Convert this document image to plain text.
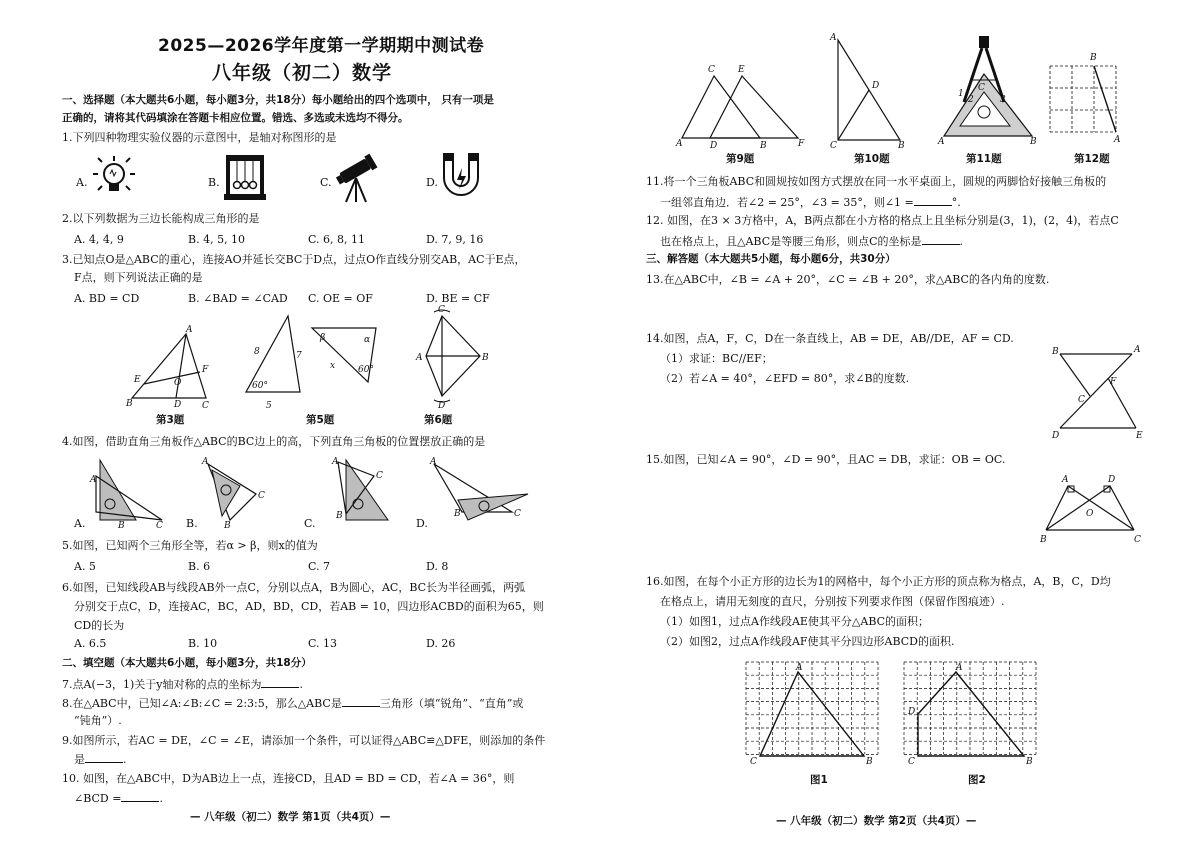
2025—2026学年度第一学期期中测试卷
八年级（初二）数学
一、选择题（本大题共6小题，每小题3分，共18分）每小题给出的四个选项中， 只有一项是
正确的，请将其代码填涂在答题卡相应位置。错选、多选或未选均不得分。
1.下列四种物理实验仪器的示意图中，是轴对称图形的是
A.	B.	C.	D.
2.以下列数据为三边长能构成三角形的是
A. 4, 4, 9	B. 4, 5, 10	C. 6, 8, 11	D. 7, 9, 16
3.已知点O是△ABC的重心，连接AO并延长交BC于D点，过点O作直线分别交AB，AC于E点，
F点，则下列说法正确的是
A. BD = CD	B. ∠BAD = ∠CAD C. OE = OF	D. BE = CF
A
B	C
D
E
F
O
第3题
8	7
5
60°
β	α
x	60°
第5题
C
A	B
D
第6题
4.如图，借助直角三角板作△ABC的BC边上的高，下列直角三角板的位置摆放正确的是
A.
A
B	C B.
A
B
C
C.
A
B
C
D.
A
B	C
5.如图，已知两个三角形全等，若α > β，则x的值为
A. 5	B. 6	C. 7	D. 8
6.如图，已知线段AB与线段AB外一点C，分别以点A，B为圆心，AC，BC长为半径画弧，两弧
分别交于点C，D，连接AC，BC，AD，BD，CD，若AB = 10，四边形ACBD的面积为65，则
CD的长为
A. 6.5	B. 10	C. 13	D. 26
二、填空题（本大题共6小题，每小题3分，共18分）
7.点A(−3，1)关于y轴对称的点的坐标为	.
8.在△ABC中，已知∠A:∠B:∠C = 2:3:5，那么△ABC是	三角形（填“锐角”、“直角”或
“钝角”）.
9.如图所示，若AC = DE，∠C = ∠E，请添加一个条件，可以证得△ABC≌△DFE，则添加的条件
是	.
10. 如图，在△ABC中，D为AB边上一点，连接CD，且AD = BD = CD，若∠A = 36°，则
∠BCD =	.
— 八年级（初二）数学 第1页（共4页）—
C	E
A	D	B	F
第9题
A
D
C	B
第10题
C
1
2	3
A	B
第11题
B
A
第12题
11.将一个三角板ABC和圆规按如图方式摆放在同一水平桌面上，圆规的两脚恰好接触三角板的
一组邻直角边．若∠2 = 25°，∠3 = 35°，则∠1 =	°.
12. 如图，在3 × 3方格中，A，B两点都在小方格的格点上且坐标分别是(3，1)，(2，4)，若点C
也在格点上，且△ABC是等腰三角形，则点C的坐标是	.
三、解答题（本大题共5小题，每小题6分，共30分）
13.在△ABC中，∠B = ∠A + 20°，∠C = ∠B + 20°，求△ABC的各内角的度数.
14.如图，点A，F，C，D在一条直线上，AB = DE，AB//DE，AF = CD.
（1）求证：BC//EF；
（2）若∠A = 40°，∠EFD = 80°，求∠B的度数.
B	A
F
C
D	E
15.如图，已知∠A = 90°，∠D = 90°，且AC = DB，求证：OB = OC.
A	D
O
B	C
16.如图，在每个小正方形的边长为1的网格中，每个小正方形的顶点称为格点，A，B，C，D均
在格点上，请用无刻度的直尺，分别按下列要求作图（保留作图痕迹）.
（1）如图1，过点A作线段AE使其平分△ABC的面积；
（2）如图2，过点A作线段AF使其平分四边形ABCD的面积.
A
C	B
图1
A
D
C	B
图2
— 八年级（初二）数学 第2页（共4页）—
